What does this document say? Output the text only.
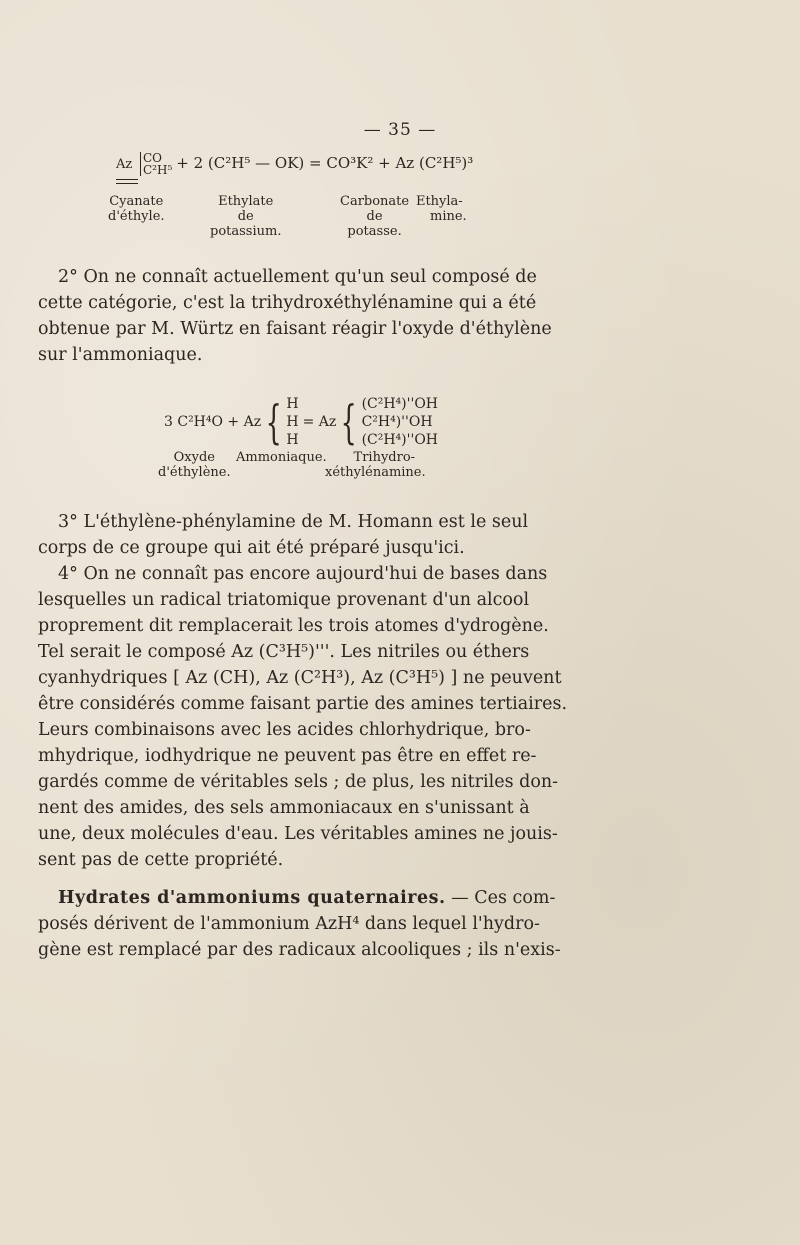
— 35 —
Az CO
C²H⁵ + 2 (C²H⁵ — OK) = CO³K² + Az (C²H⁵)³
Cyanate
d'éthyle.
Ethylate
de
potassium.
Carbonate
de
potasse.
Ethyla-
mine.
2° On ne connaît actuellement qu'un seul composé de
cette catégorie, c'est la trihydroxéthylénamine qui a été
obtenue par M. Würtz en faisant réagir l'oxyde d'éthylène
sur l'ammoniaque.
3 C²H⁴O + Az{ H
H
H
= Az{ (C²H⁴)''OH
C²H⁴)''OH
(C²H⁴)''OH
Oxyde
d'éthylène.
Ammoniaque.	Trihydro-
xéthylénamine.
3° L'éthylène-phénylamine de M. Homann est le seul
corps de ce groupe qui ait été préparé jusqu'ici.
4° On ne connaît pas encore aujourd'hui de bases dans
lesquelles un radical triatomique provenant d'un alcool
proprement dit remplacerait les trois atomes d'ydrogène.
Tel serait le composé Az (C³H⁵)'''. Les nitriles ou éthers
cyanhydriques [ Az (CH), Az (C²H³), Az (C³H⁵) ] ne peuvent
être considérés comme faisant partie des amines tertiaires.
Leurs combinaisons avec les acides chlorhydrique, bro-
mhydrique, iodhydrique ne peuvent pas être en effet re-
gardés comme de véritables sels ; de plus, les nitriles don-
nent des amides, des sels ammoniacaux en s'unissant à
une, deux molécules d'eau. Les véritables amines ne jouis-
sent pas de cette propriété.
Hydrates d'ammoniums quaternaires. — Ces com-
posés dérivent de l'ammonium AzH⁴ dans lequel l'hydro-
gène est remplacé par des radicaux alcooliques ; ils n'exis-
